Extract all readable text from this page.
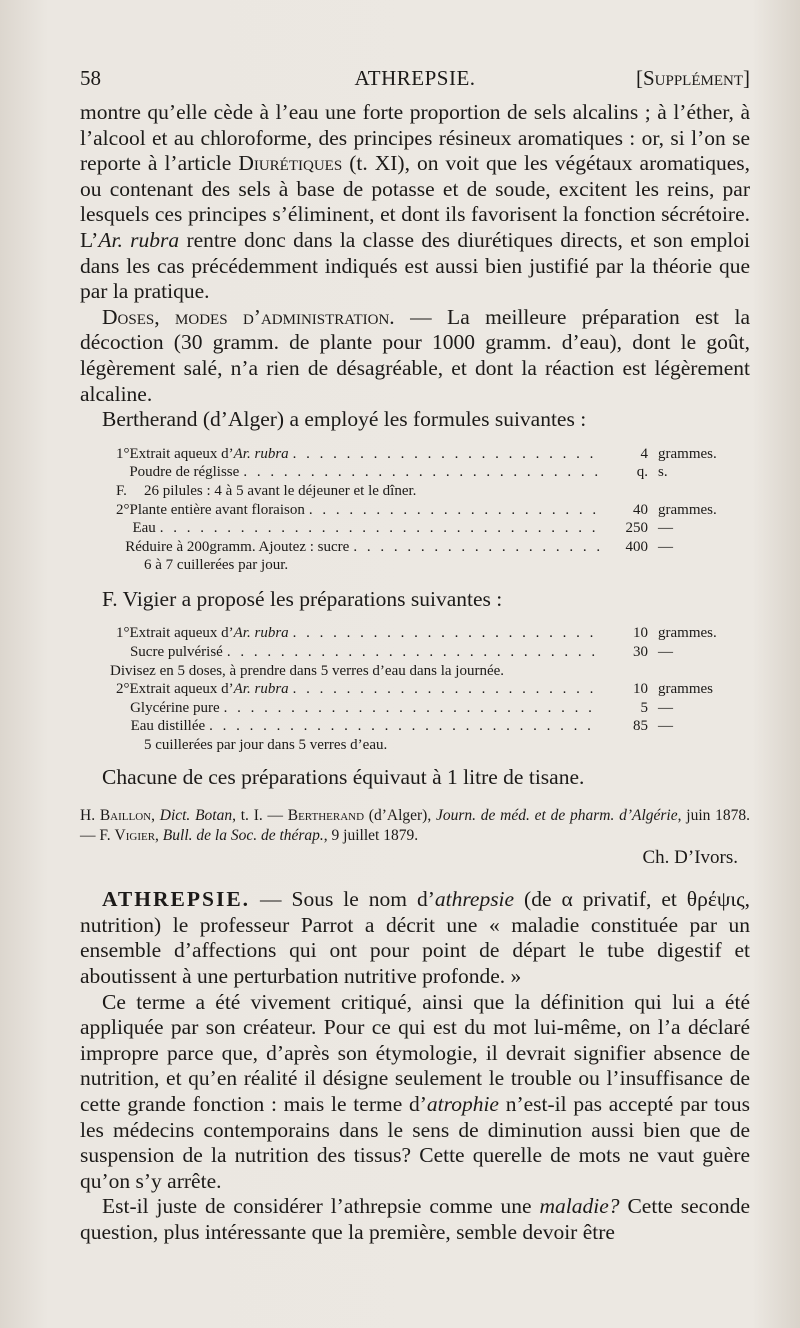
58	ATHREPSIE.	[Supplément]

montre qu’elle cède à l’eau une forte proportion de sels alcalins ; à l’éther, à l’alcool et au chloroforme, des principes résineux aromatiques : or, si l’on se reporte à l’article Diurétiques (t. XI), on voit que les végétaux aromatiques, ou contenant des sels à base de potasse et de soude, excitent les reins, par lesquels ces principes s’éliminent, et dont ils favorisent la fonction sécrétoire. L’Ar. rubra rentre donc dans la classe des diurétiques directs, et son emploi dans les cas précédemment indiqués est aussi bien justifié par la théorie que par la pratique.

Doses, modes d’administration. — La meilleure préparation est la décoction (30 gramm. de plante pour 1000 gramm. d’eau), dont le goût, légèrement salé, n’a rien de désagréable, et dont la réaction est légèrement alcaline.

Bertherand (d’Alger) a employé les formules suivantes :

1° Extrait aqueux d’Ar. rubra . . .	4 grammes.
Poudre de réglisse . . .	q. s.
F.	26 pilules : 4 à 5 avant le déjeuner et le dîner.
2° Plante entière avant floraison . . .	40 grammes.
Eau . . .	250 —
Réduire à 200gramm. Ajoutez : sucre . . .	400 —
6 à 7 cuillerées par jour.

F. Vigier a proposé les préparations suivantes :

1° Extrait aqueux d’Ar. rubra . . .	10 grammes.
Sucre pulvérisé . . .	30 —
Divisez en 5 doses, à prendre dans 5 verres d’eau dans la journée.
2° Extrait aqueux d’Ar. rubra . . .	10 grammes
Glycérine pure . . .	5 —
Eau distillée . . .	85 —
5 cuillerées par jour dans 5 verres d’eau.

Chacune de ces préparations équivaut à 1 litre de tisane.

H. Baillon, Dict. Botan, t. I. — Bertherand (d’Alger), Journ. de méd. et de pharm. d’Algérie, juin 1878. — F. Vigier, Bull. de la Soc. de thérap., 9 juillet 1879.

Ch. D’Ivors.

ATHREPSIE. — Sous le nom d’athrepsie (de α privatif, et θρέψις, nutrition) le professeur Parrot a décrit une « maladie constituée par un ensemble d’affections qui ont pour point de départ le tube digestif et aboutissent à une perturbation nutritive profonde. »

Ce terme a été vivement critiqué, ainsi que la définition qui lui a été appliquée par son créateur. Pour ce qui est du mot lui-même, on l’a déclaré impropre parce que, d’après son étymologie, il devrait signifier absence de nutrition, et qu’en réalité il désigne seulement le trouble ou l’insuffisance de cette grande fonction : mais le terme d’atrophie n’est-il pas accepté par tous les médecins contemporains dans le sens de diminution aussi bien que de suspension de la nutrition des tissus? Cette querelle de mots ne vaut guère qu’on s’y arrête.

Est-il juste de considérer l’athrepsie comme une maladie? Cette seconde question, plus intéressante que la première, semble devoir être
